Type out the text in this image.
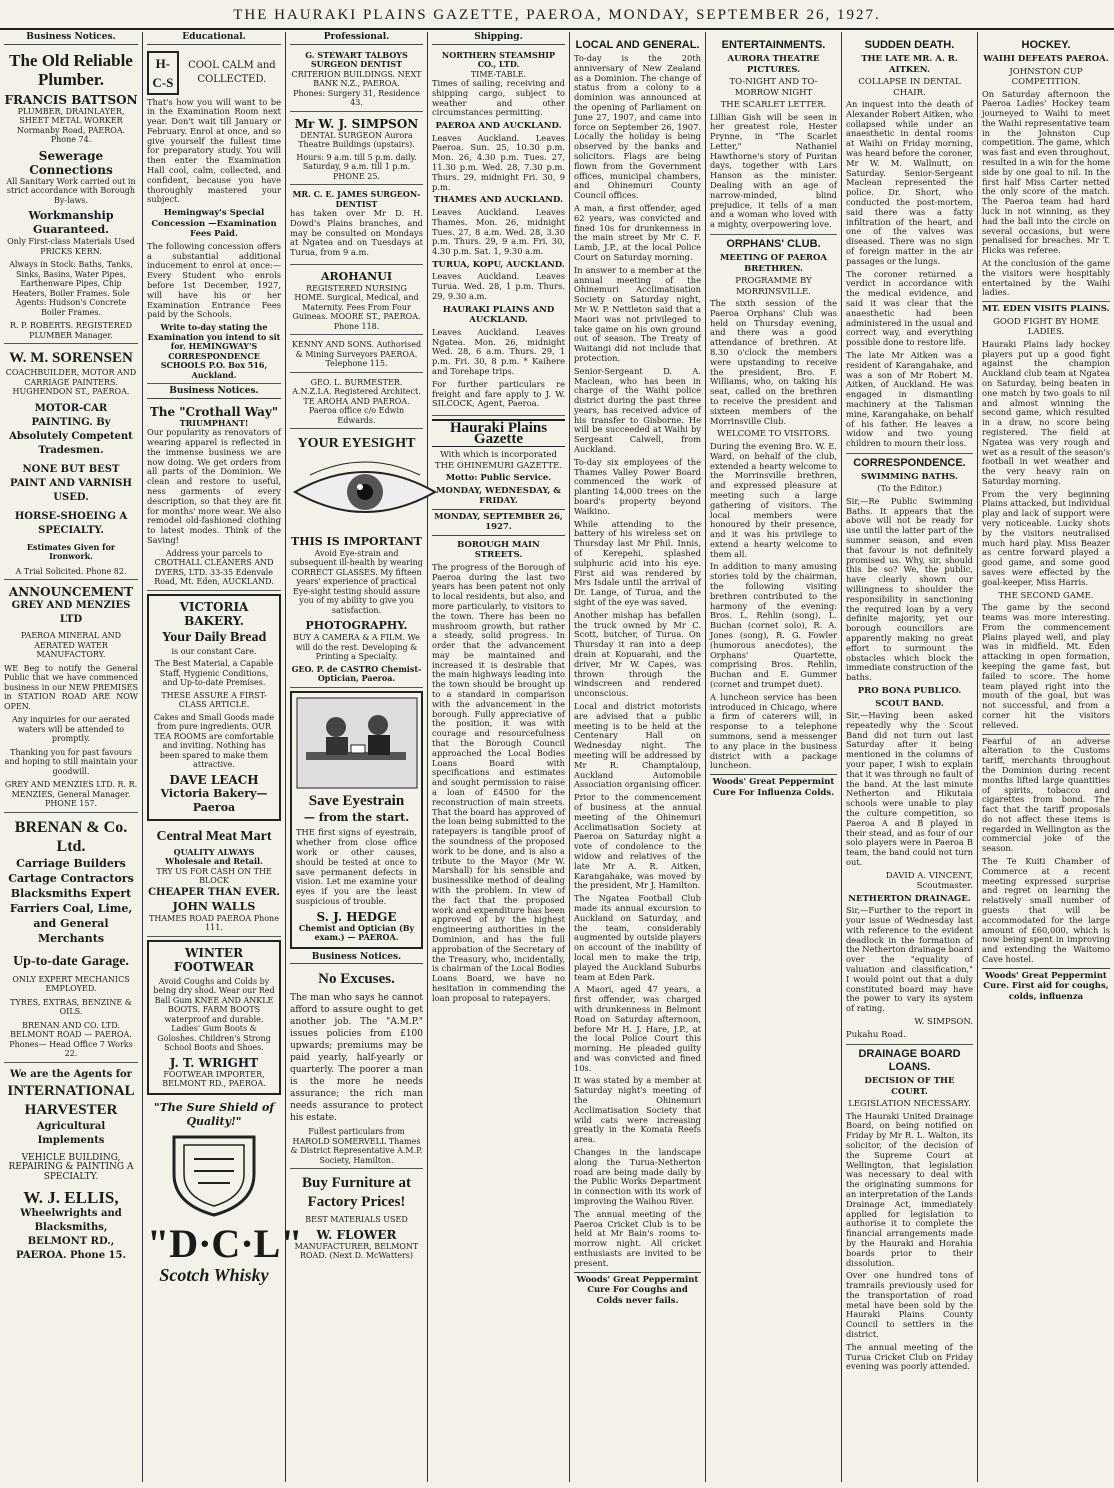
THE HAURAKI PLAINS GAZETTE, PAEROA, MONDAY, SEPTEMBER 26, 1927.
Business Notices.
The Old Reliable Plumber.
FRANCIS BATTSON
PLUMBER, DRAINLAYER, SHEET METAL WORKER Normanby Road, PAEROA. Phone 74.
Sewerage Connections
All Sanitary Work carried out in strict accordance with Borough By-laws.
Workmanship Guaranteed.
Only First-class Materials Used PRICKS KERN.
Always in Stock: Baths, Tanks, Sinks, Basins, Water Pipes, Earthenware Pipes, Chip Heaters, Boiler Frames. Sole Agents: Hudson's Concrete Boiler Frames.
R. P. ROBERTS. REGISTERED PLUMBER Manager.
W. M. SORENSEN
COACHBUILDER, MOTOR AND CARRIAGE PAINTERS. HUGHENDON ST., PAEROA.
MOTOR-CAR PAINTING. By Absolutely Competent Tradesmen.
NONE BUT BEST PAINT AND VARNISH USED.
HORSE-SHOEING A SPECIALTY.
Estimates Given for Ironwork.
A Trial Solicited. Phone 82.
ANNOUNCEMENT
GREY AND MENZIES LTD
PAEROA MINERAL AND AERATED WATER MANUFACTORY.
WE Beg to notify the General Public that we have commenced business in our NEW PREMISES in STATION ROAD ARE NOW OPEN.
Any inquiries for our aerated waters will be attended to promptly.
Thanking you for past favours and hoping to still maintain your goodwill.
GREY AND MENZIES LTD. R. R. MENZIES, General Manager. PHONE 157.
BRENAN & Co. Ltd.
Carriage Builders Cartage Contractors Blacksmiths Expert Farriers Coal, Lime, and General Merchants
Up-to-date Garage.
ONLY EXPERT MECHANICS EMPLOYED.
TYRES, EXTRAS, BENZINE & OILS.
BRENAN AND CO. LTD. BELMONT ROAD — PAEROA. Phones— Head Office 7 Works 22.
We are the Agents for
INTERNATIONAL HARVESTER
Agricultural Implements
VEHICLE BUILDING, REPAIRING & PAINTING A SPECIALTY.
W. J. ELLIS,
Wheelwrights and Blacksmiths, BELMONT RD., PAEROA. Phone 15.
Educational.
H-C-S
COOL CALM and COLLECTED.
That's how you will want to be in the Examination Room next year. Don't wait till January or February. Enrol at once, and so give yourself the fullest time for preparatory study. You will then enter the Examination Hall cool, calm, collected, and confident, because you have thoroughly mastered your subject.
Hemingway's Special Concession —Examination Fees Paid.
The following concession offers a substantial additional inducement to enrol at once:— Every Student who enrols before 1st December, 1927, will have his or her Examination Entrance Fees paid by the Schools.
Write to-day stating the Examination you intend to sit for. HEMINGWAY'S CORRESPONDENCE SCHOOLS P.O. Box 516, Auckland.
Business Notices.
The "Crothall Way"
TRIUMPHANT!
Our popularity as renovators of wearing apparel is reflected in the immense business we are now doing. We get orders from all parts of the Dominion. We clean and restore to useful, ness garments of every description, so that they are fit for months' more wear. We also remodel old-fashioned clothing to latest modes. Think of the Saving!
Address your parcels to CROTHALL CLEANERS AND DYERS, LTD. 33-35 Edenvale Road, Mt. Eden, AUCKLAND.
VICTORIA BAKERY.
Your Daily Bread
is our constant Care.
The Best Material, a Capable Staff, Hygienic Conditions, and Up-to-date Premises.
THESE ASSURE A FIRST-CLASS ARTICLE.
Cakes and Small Goods made from pure ingredients. OUR TEA ROOMS are comfortable and inviting. Nothing has been spared to make them attractive.
DAVE LEACH
Victoria Bakery—Paeroa
Central Meat Mart
QUALITY ALWAYS
Wholesale and Retail.
TRY US FOR CASH ON THE BLOCK
CHEAPER THAN EVER.
JOHN WALLS
THAMES ROAD PAEROA Phone 111.
WINTER FOOTWEAR
Avoid Coughs and Colds by being dry shod. Wear our Red Ball Gum KNEE AND ANKLE BOOTS. FARM BOOTS waterproof and durable. Ladies' Gum Boots & Goloshes. Children's Strong School Boots and Shoes.
J. T. WRIGHT
FOOTWEAR IMPORTER, BELMONT RD., PAEROA.
"The Sure Shield of Quality!"
"D·C·L"
Scotch Whisky
Professional.
G. STEWART TALBOYS SURGEON DENTIST
CRITERION BUILDINGS. NEXT BANK N.Z., PAEROA.
Phones: Surgery 31, Residence 43.
Mr W. J. SIMPSON
DENTAL SURGEON Aurora Theatre Buildings (upstairs).
Hours: 9 a.m. till 5 p.m. daily. Saturday, 9 a.m. till 1 p.m. PHONE 25.
MR. C. E. JAMES SURGEON-DENTIST
has taken over Mr D. H. Dowd's Plains branches, and may be consulted on Mondays at Ngatea and on Tuesdays at Turua, from 9 a.m.
AROHANUI
REGISTERED NURSING HOME. Surgical, Medical, and Maternity. Fees From Four Guineas. MOORE ST., PAEROA. Phone 118.
KENNY AND SONS. Authorised & Mining Surveyors PAEROA. Telephone 115.
GEO. L. BURMESTER. A.N.Z.I.A. Registered Architect. TE AROHA AND PAEROA. Paeroa office c/o Edwin Edwards.
YOUR EYESIGHT
THIS IS IMPORTANT
Avoid Eye-strain and subsequent ill-health by wearing CORRECT GLASSES. My fifteen years' experience of practical Eye-sight testing should assure you of my ability to give you satisfaction.
PHOTOGRAPHY.
BUY A CAMERA & A FILM. We will do the rest. Developing & Printing a Specialty.
GEO. P. de CASTRO Chemist-Optician, Paeroa.
Save Eyestrain
— from the start.
THE first signs of eyestrain, whether from close office work or other causes, should be tested at once to save permanent defects in vision. Let me examine your eyes if you are the least suspicious of trouble.
S. J. HEDGE
Chemist and Optician (By exam.) — PAEROA.
Business Notices.
No Excuses.
The man who says he cannot afford to assure ought to get another job. The "A.M.P." issues policies from £100 upwards; premiums may be paid yearly, half-yearly or quarterly. The poorer a man is the more he needs assurance; the rich man needs assurance to protect his estate.
Fullest particulars from HAROLD SOMERVELL Thames & District Representative A.M.P. Society, Hamilton.
Buy Furniture at Factory Prices!
BEST MATERIALS USED
W. FLOWER
MANUFACTURER, BELMONT ROAD. (Next D. McWatters)
Shipping.
NORTHERN STEAMSHIP CO., LTD.
TIME-TABLE.
Times of sailing, receiving and shipping cargo, subject to weather and other circumstances permitting.
PAEROA AND AUCKLAND.
Leaves Auckland. Leaves Paeroa. Sun. 25, 10.30 p.m. Mon. 26, 4.30 p.m. Tues. 27, 11.30 p.m. Wed. 28, 7.30 p.m. Thurs. 29, midnight Fri. 30, 9 p.m.
THAMES AND AUCKLAND.
Leaves Auckland. Leaves Thames. Mon. 26, midnight Tues. 27, 8 a.m. Wed. 28, 3.30 p.m. Thurs. 29, 9 a.m. Fri. 30, 4.30 p.m. Sat. 1, 9.30 a.m.
TURUA, KOPU, AUCKLAND.
Leaves Auckland. Leaves Turua. Wed. 28, 1 p.m. Thurs. 29, 9.30 a.m.
HAURAKI PLAINS AND AUCKLAND.
Leaves Auckland. Leaves Ngatea. Mon. 26, midnight Wed. 28, 6 a.m. Thurs. 29, 1 p.m. Fri. 30, 8 p.m. * Kaihere and Torehape trips.
For further particulars re freight and fare apply to J. W. SILCOCK, Agent, Paeroa.
Hauraki Plains Gazette
With which is incorporated THE OHINEMURI GAZETTE.
Motto: Public Service.
MONDAY, WEDNESDAY, & FRIDAY.
MONDAY, SEPTEMBER 26, 1927.
BOROUGH MAIN STREETS.
The progress of the Borough of Paeroa during the last two years has been patent not only to local residents, but also, and more particularly, to visitors to the town. There has been no mushroom growth, but rather a steady, solid progress. In order that the advancement may be maintained and increased it is desirable that the main highways leading into the town should be brought up to a standard in comparison with the advancement in the borough. Fully appreciative of the position, it was with courage and resourcefulness that the Borough Council approached the Local Bodies Loans Board with specifications and estimates and sought permission to raise a loan of £4500 for the reconstruction of main streets. That the board has approved of the loan being submitted to the ratepayers is tangible proof of the soundness of the proposed work to be done, and is also a tribute to the Mayor (Mr W. Marshall) for his sensible and businesslike method of dealing with the problem. In view of the fact that the proposed work and expenditure has been approved of by the highest engineering authorities in the Dominion, and has the full approbation of the Secretary of the Treasury, who, incidentally, is chairman of the Local Bodies Loans Board, we have no hesitation in commending the loan proposal to ratepayers.
LOCAL AND GENERAL.
To-day is the 20th anniversary of New Zealand as a Dominion. The change of status from a colony to a dominion was announced at the opening of Parliament on June 27, 1907, and came into force on September 26, 1907. Locally the holiday is being observed by the banks and solicitors. Flags are being flown from the Government offices, municipal chambers, and Ohinemuri County Council offices.
A man, a first offender, aged 62 years, was convicted and fined 10s for drunkenness in the main street by Mr C. F. Lamb, J.P., at the local Police Court on Saturday morning.
In answer to a member at the annual meeting of the Ohinemuri Acclimatisation Society on Saturday night, Mr W. P. Nettleton said that a Maori was not privileged to take game on his own ground out of season. The Treaty of Waitangi did not include that protection.
Senior-Sergeant D. A. Maclean, who has been in charge of the Waihi police district during the past three years, has received advice of his transfer to Gisborne. He will be succeeded at Waihi by Sergeant Calwell, from Auckland.
To-day six employees of the Thames Valley Power Board commenced the work of planting 14,000 trees on the board's property beyond Waikino.
While attending to the battery of his wireless set on Thursday last Mr Phil. Innis, of Kerepehi, splashed sulphuric acid into his eye. First aid was rendered by Mrs Isdale until the arrival of Dr. Lange, of Turua, and the sight of the eye was saved.
Another mishap has befallen the truck owned by Mr C. Scott, butcher, of Turua. On Thursday it ran into a deep drain at Kopuarahi, and the driver, Mr W. Capes, was thrown through the windscreen and rendered unconscious.
Local and district motorists are advised that a public meeting is to be held at the Centenary Hall on Wednesday night. The meeting will be addressed by Mr R. Champtaloup, Auckland Automobile Association organising officer.
Prior to the commencement of business at the annual meeting of the Ohinemuri Acclimatisation Society at Paeroa on Saturday night a vote of condolence to the widow and relatives of the late Mr A. R. Aitken, Karangahake, was moved by the president, Mr J. Hamilton.
The Ngatea Football Club made its annual excursion to Auckland on Saturday, and the team, considerably augmented by outside players on account of the inability of local men to make the trip, played the Auckland Suburbs team at Eden Park.
A Maori, aged 47 years, a first offender, was charged with drunkenness in Belmont Road on Saturday afternoon, before Mr H. J. Hare, J.P., at the local Police Court this morning. He pleaded guilty and was convicted and fined 10s.
It was stated by a member at Saturday night's meeting of the Ohinemuri Acclimatisation Society that wild cats were increasing greatly in the Komata Reefs area.
Changes in the landscape along the Turua-Netherton road are being made daily by the Public Works Department in connection with its work of improving the Waihou River.
The annual meeting of the Paeroa Cricket Club is to be held at Mr Bain's rooms to-morrow night. All cricket enthusiasts are invited to be present.
Woods' Great Peppermint Cure For Coughs and Colds never fails.
ENTERTAINMENTS.
AURORA THEATRE PICTURES.
TO-NIGHT AND TO-MORROW NIGHT
THE SCARLET LETTER.
Lillian Gish will be seen in her greatest role, Hester Prynne, in "The Scarlet Letter," Nathaniel Hawthorne's story of Puritan days, together with Lars Hanson as the minister. Dealing with an age of narrow-minded, blind prejudice, it tells of a man and a woman who loved with a mighty, overpowering love.
ORPHANS' CLUB.
MEETING OF PAEROA BRETHREN.
PROGRAMME BY MORRINSVILLE.
The sixth session of the Paeroa Orphans' Club was held on Thursday evening, and there was a good attendance of brethren. At 8.30 o'clock the members were upstanding to receive the president, Bro. F. Williams, who, on taking his seat, called on the brethren to receive the president and sixteen members of the Morrinsville Club.
WELCOME TO VISITORS.
During the evening Bro. W. E. Ward, on behalf of the club, extended a hearty welcome to the Morrinsville brethren, and expressed pleasure at meeting such a large gathering of visitors. The local members were honoured by their presence, and it was his privilege to extend a hearty welcome to them all.
In addition to many amusing stories told by the chairman, the following visiting brethren contributed to the harmony of the evening: Bros. L. Rehlin (song), L. Buchan (cornet solo), R. A. Jones (song), R. G. Fowler (humorous anecdotes), the Orphans' Quartette, comprising Bros. Rehlin, Buchan and E. Gummer (cornet and trumpet duet).
A luncheon service has been introduced in Chicago, where a firm of caterers will, in response to a telephone summons, send a messenger to any place in the business district with a package luncheon.
Woods' Great Peppermint Cure For Influenza Colds.
SUDDEN DEATH.
THE LATE MR. A. R. AITKEN.
COLLAPSE IN DENTAL CHAIR.
An inquest into the death of Alexander Robert Aitken, who collapsed while under an anaesthetic in dental rooms at Waihi on Friday morning, was heard before the coroner, Mr W. M. Wallnutt, on Saturday. Senior-Sergeant Maclean represented the police. Dr. Short, who conducted the post-mortem, said there was a fatty infiltration of the heart, and one of the valves was diseased. There was no sign of foreign matter in the air passages or the lungs.
The coroner returned a verdict in accordance with the medical evidence, and said it was clear that the anaesthetic had been administered in the usual and correct way, and everything possible done to restore life.
The late Mr Aitken was a resident of Karangahake, and was a son of Mr Robert M. Aitken, of Auckland. He was engaged in dismantling machinery at the Talisman mine, Karangahake, on behalf of his father. He leaves a widow and two young children to mourn their loss.
CORRESPONDENCE.
SWIMMING BATHS.
(To the Editor.)
Sir,—Re Public Swimming Baths. It appears that the above will not be ready for use until the latter part of the summer season, and even that favour is not definitely promised us. Why, sir, should this be so? We, the public, have clearly shown our willingness to shoulder the responsibility in sanctioning the required loan by a very definite majority, yet our borough councillors are apparently making no great effort to surmount the obstacles which block the immediate construction of the baths.
PRO BONA PUBLICO.
SCOUT BAND.
Sir,—Having been asked repeatedly why the Scout Band did not turn out last Saturday after it being mentioned in the columns of your paper, I wish to explain that it was through no fault of the band. At the last minute Netherton and Hikutaia schools were unable to play the culture competition, so Paeroa A and B played in their stead, and as four of our solo players were in Paeroa B team, the band could not turn out.
DAVID A. VINCENT, Scoutmaster.
NETHERTON DRAINAGE.
Sir,—Further to the report in your issue of Wednesday last with reference to the evident deadlock in the formation of the Netherton drainage board over the "equality of valuation and classification," I would point out that a duly constituted board may have the power to vary its system of rating.
W. SIMPSON.
Pukahu Road.
DRAINAGE BOARD LOANS.
DECISION OF THE COURT.
LEGISLATION NECESSARY.
The Hauraki United Drainage Board, on being notified on Friday by Mr R. L. Walton, its solicitor, of the decision of the Supreme Court at Wellington, that legislation was necessary to deal with the originating summons for an interpretation of the Lands Drainage Act, immediately applied for legislation to authorise it to complete the financial arrangements made by the Hauraki and Horahia boards prior to their dissolution.
Over one hundred tons of tramrails previously used for the transportation of road metal have been sold by the Hauraki Plains County Council to settlers in the district.
The annual meeting of the Turua Cricket Club on Friday evening was poorly attended.
HOCKEY.
WAIHI DEFEATS PAEROA.
JOHNSTON CUP COMPETITION.
On Saturday afternoon the Paeroa Ladies' Hockey team journeyed to Waihi to meet the Waihi representative team in the Johnston Cup competition. The game, which was fast and even throughout, resulted in a win for the home side by one goal to nil. In the first half Miss Carter netted the only score of the match. The Paeroa team had hard luck in not winning, as they had the ball into the circle on several occasions, but were penalised for breaches. Mr T. Hicks was referee.
At the conclusion of the game the visitors were hospitably entertained by the Waihi ladies.
MT. EDEN VISITS PLAINS.
GOOD FIGHT BY HOME LADIES.
Hauraki Plains lady hockey players put up a good fight against the champion Auckland club team at Ngatea on Saturday, being beaten in one match by two goals to nil and almost winning the second game, which resulted in a draw, no score being registered. The field at Ngatea was very rough and wet as a result of the season's football in wet weather and the very heavy rain on Saturday morning.
From the very beginning Plains attacked, but individual play and lack of support were very noticeable. Lucky shots by the visitors neutralised much hard play. Miss Beazer as centre forward played a good game, and some good saves were effected by the goal-keeper, Miss Harris.
THE SECOND GAME.
The game by the second teams was more interesting. From the commencement Plains played well, and play was in midfield. Mt. Eden attacking in open formation, keeping the game fast, but failed to score. The home team played right into the mouth of the goal, but was not successful, and from a corner hit the visitors relieved.
Fearful of an adverse alteration to the Customs tariff, merchants throughout the Dominion during recent months lifted large quantities of spirits, tobacco and cigarettes from bond. The fact that the tariff proposals do not affect these items is regarded in Wellington as the commercial joke of the season.
The Te Kuiti Chamber of Commerce at a recent meeting expressed surprise and regret on learning the relatively small number of guests that will be accommodated for the large amount of £60,000, which is now being spent in improving and extending the Waitomo Cave hostel.
Woods' Great Peppermint Cure. First aid for coughs, colds, influenza
